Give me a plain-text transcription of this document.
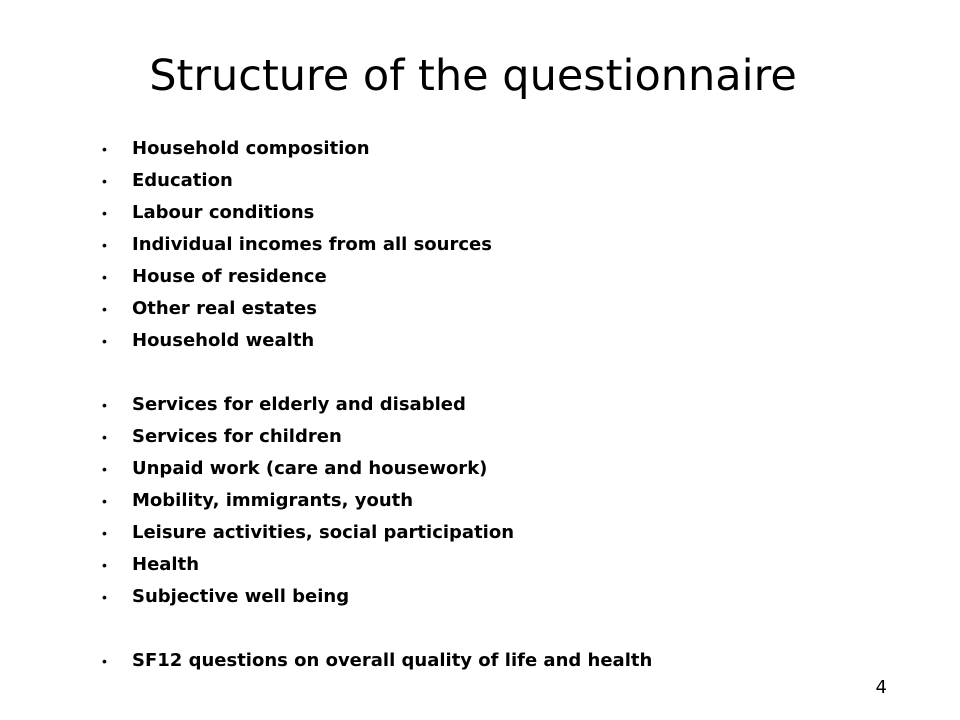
Structure of the questionnaire
•	Household composition
•	Education
•	Labour conditions
•	Individual incomes from all sources
•	House of residence
•	Other real estates
•	Household wealth
•	Services for elderly and disabled
•	Services for children
•	Unpaid work (care and housework)
•	Mobility, immigrants, youth
•	Leisure activities, social participation
•	Health
•	Subjective well being
•	SF12 questions on overall quality of life and health
4
